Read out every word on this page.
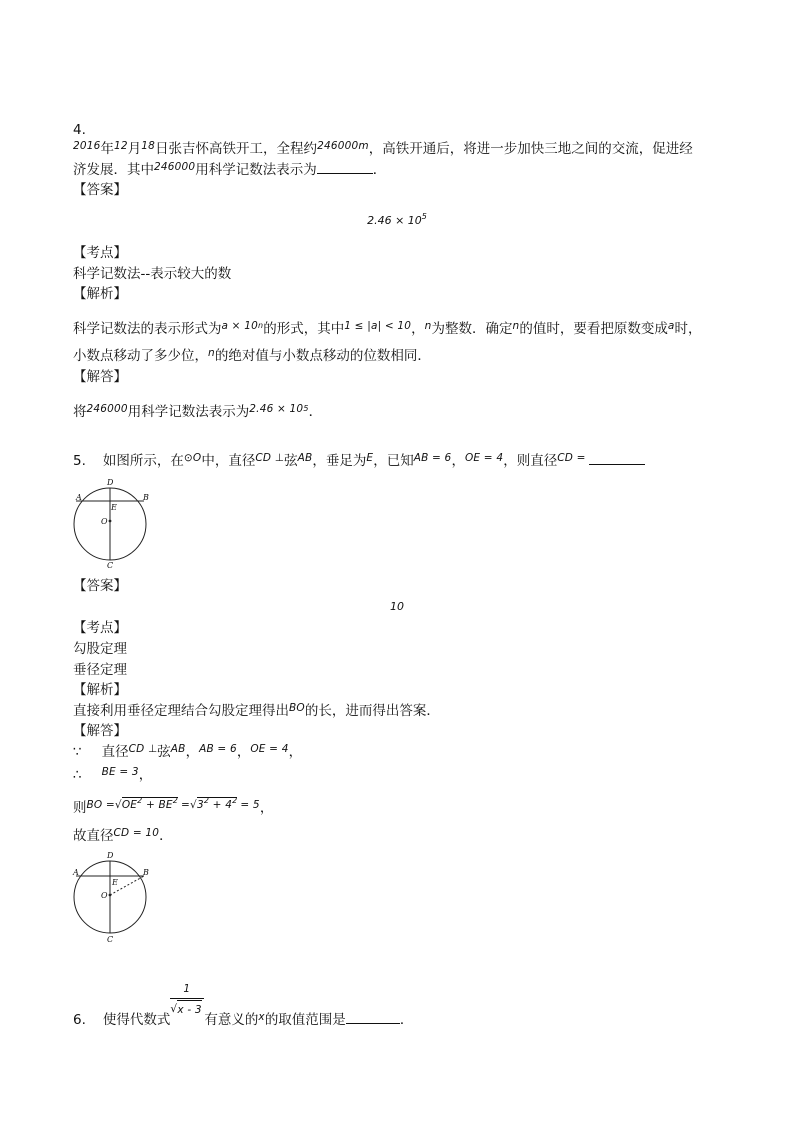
4.
$^{2016}$年$^{12}$月$^{18}$日张吉怀高铁开工，全程约$^{246000m}$，高铁开通后，将进一步加快三地之间的交流，促进经
济发展．其中$^{246000}$用科学记数法表示为	．
【答案】
$2.46 \times 10^5$
【考点】
科学记数法--表示较大的数
【解析】
科学记数法的表示形式为$^{a \times 10n}$的形式，其中$^{1 \le |a| < 10}$，$^n$为整数．确定$^n$的值时，要看把原数变成$^a$时，
小数点移动了多少位，$^n$的绝对值与小数点移动的位数相同．
【解答】
将$^{246000}$用科学记数法表示为$^{2.46 \times 105}$．
5. 如图所示，在$^{⊙O}$中，直径$^{CD \perp}$弦$^{AB}$，垂足为$^E$，已知$^{AB = 6}$，$^{OE = 4}$，则直径$^{CD =}$
A	B
D
C
E
O
【答案】
10
【考点】
勾股定理
垂径定理
【解析】
直接利用垂径定理结合勾股定理得出$^{BO}$的长，进而得出答案．
【解答】
∵ 直径$^{CD \perp}$弦$^{AB}$，$^{AB = 6}$，$^{OE = 4}$，
∴ $^{BE = 3}$，
则$^{BO =√OE^2 + BE^2}$ $^{=√3^2 + 4^2}$ $^{= 5}$，
故直径$^{CD = 10}$．
A	B
D
C
E
O
6. 使得代数式
1
√ x - 3
有意义的$^x$的取值范围是	．
